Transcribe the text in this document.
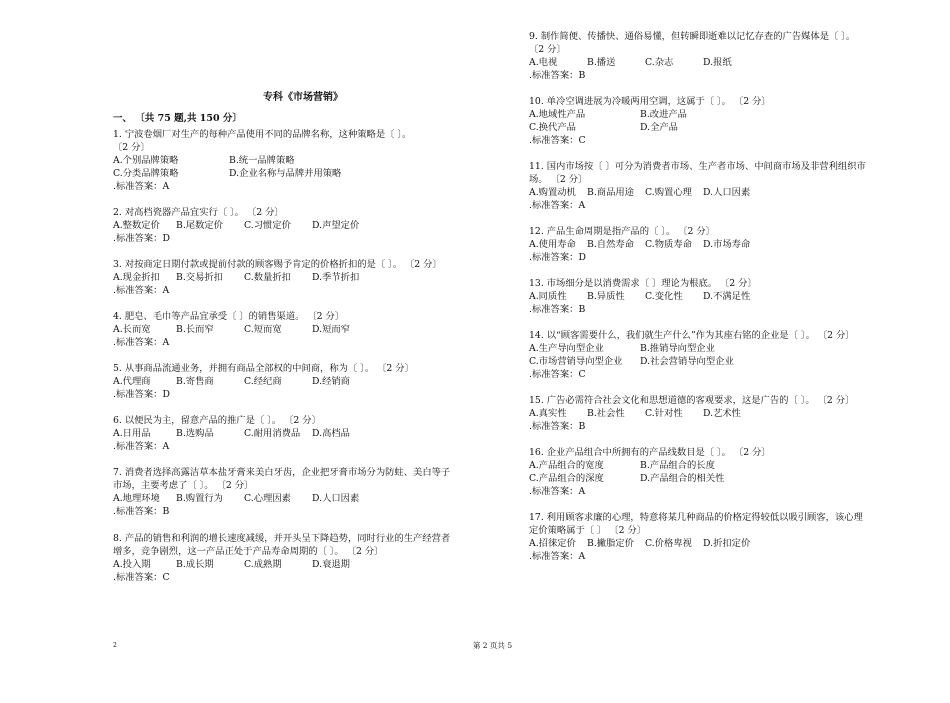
专科《市场营销》
一、 〔共 75 题,共 150 分〕

1. 宁波卷烟厂对生产的每种产品使用不同的品牌名称，这种策略是〔 〕。

〔2 分〕

A.个别品牌策略	B.统一品牌策略
C.分类品牌策略	D.企业名称与品牌并用策略
.标准答案：A

2. 对高档瓷器产品宜实行〔 〕。 〔2 分〕

A.整数定价	B.尾数定价	C.习惯定价	D.声望定价
.标准答案：D

3. 对按商定日期付款或提前付款的顾客赐予肯定的价格折扣的是〔 〕。 〔2 分〕

A.现金折扣	B.交易折扣	C.数量折扣	D.季节折扣
.标准答案：A

4. 肥皂、毛巾等产品宜承受〔 〕的销售渠道。 〔2 分〕

A.长而宽	B.长而窄	C.短而宽	D.短而窄
.标准答案：A

5. 从事商品流通业务，并拥有商品全部权的中间商，称为〔 〕。 〔2 分〕

A.代理商	B.寄售商	C.经纪商	D.经销商
.标准答案：D

6. 以便民为主，留意产品的推广是〔 〕。 〔2 分〕

A.日用品	B.选购品	C.耐用消费品	D.高档品
.标准答案：A

7. 消费者选择高露洁草本盐牙膏来美白牙齿，企业把牙膏市场分为防蛀、美白等子

市场，主要考虑了〔 〕。 〔2 分〕

A.地理环境	B.购置行为	C.心理因素	D.人口因素
.标准答案：B

8. 产品的销售和利润的增长速度减缓，并开头呈下降趋势，同时行业的生产经营者

增多，竞争剧烈，这一产品正处于产品寿命周期的〔 〕。 〔2 分〕

A.投入期	B.成长期	C.成熟期	D.衰退期
.标准答案：C

9. 制作简便、传播快、通俗易懂，但转瞬即逝难以记忆存查的广告媒体是〔 〕。

〔2 分〕

A.电视	B.播送	C.杂志	D.报纸
.标准答案：B

10. 单冷空调进展为冷暖两用空调，这属于〔 〕。 〔2 分〕

A.地域性产品	B.改进产品
C.换代产品	D.全产品
.标准答案：C

11. 国内市场按〔 〕可分为消费者市场、生产者市场、中间商市场及非营利组织市

场。 〔2 分〕

A.购置动机	B.商品用途	C.购置心理	D.人口因素
.标准答案：A

12. 产品生命周期是指产品的〔 〕。 〔2 分〕

A.使用寿命	B.自然寿命	C.物质寿命	D.市场寿命
.标准答案：D

13. 市场细分是以消费需求〔 〕理论为根底。 〔2 分〕

A.同质性	B.异质性	C.变化性	D.不满足性
.标准答案：B

14. 以“顾客需要什么，我们就生产什么”作为其座右铭的企业是〔 〕。 〔2 分〕

A.生产导向型企业	B.推销导向型企业
C.市场营销导向型企业	D.社会营销导向型企业
.标准答案：C

15. 广告必需符合社会文化和思想道德的客观要求，这是广告的〔 〕。 〔2 分〕

A.真实性	B.社会性	C.针对性	D.艺术性
.标准答案：B

16. 企业产品组合中所拥有的产品线数目是〔 〕。 〔2 分〕

A.产品组合的宽度	B.产品组合的长度
C.产品组合的深度	D.产品组合的相关性
.标准答案：A

17. 利用顾客求廉的心理，特意将某几种商品的价格定得较低以吸引顾客，该心理

定价策略属于〔 〕 〔2 分〕

A.招徕定价	B.撇脂定价	C.价格卑视	D.折扣定价
.标准答案：A
2	第 2 页共 5
